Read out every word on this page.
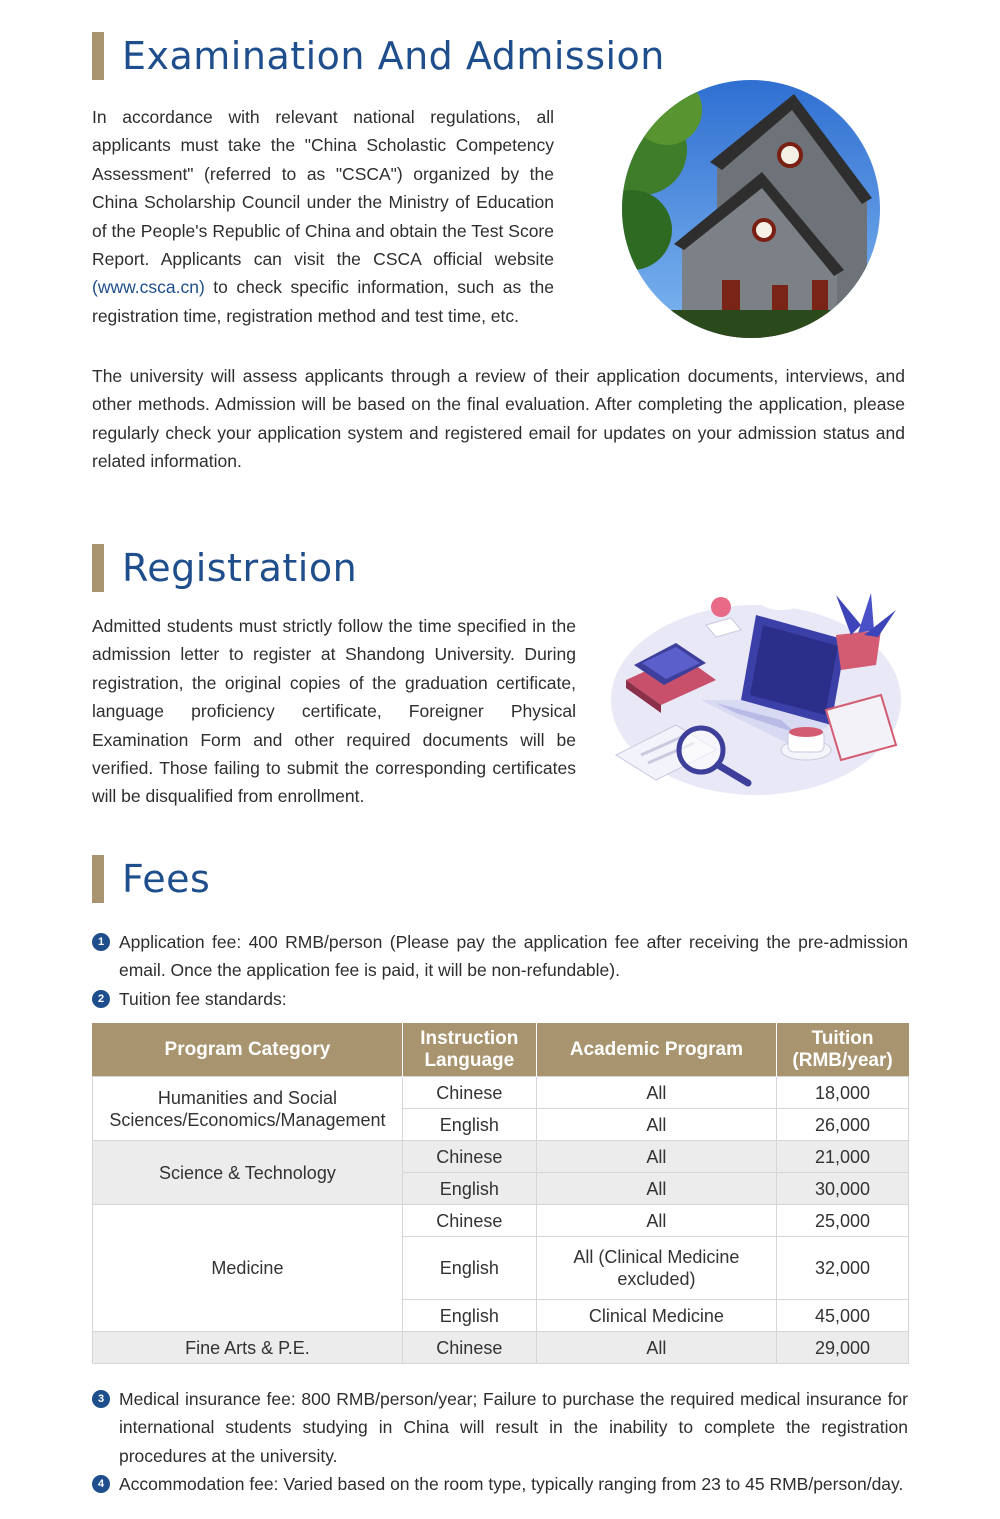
Examination And Admission

In accordance with relevant national regulations, all applicants must take the "China Scholastic Competency Assessment" (referred to as "CSCA") organized by the China Scholarship Council under the Ministry of Education of the People's Republic of China and obtain the Test Score Report. Applicants can visit the CSCA official website (www.csca.cn) to check specific information, such as the registration time, registration method and test time, etc.

The university will assess applicants through a review of their application documents, interviews, and other methods. Admission will be based on the final evaluation. After completing the application, please regularly check your application system and registered email for updates on your admission status and related information.

Registration

Admitted students must strictly follow the time specified in the admission letter to register at Shandong University. During registration, the original copies of the graduation certificate, language proficiency certificate, Foreigner Physical Examination Form and other required documents will be verified. Those failing to submit the corresponding certificates will be disqualified from enrollment.

Fees
1 Application fee: 400 RMB/person (Please pay the application fee after receiving the pre-admission email. Once the application fee is paid, it will be non-refundable).
2 Tuition fee standards:
Program Category	Instruction Language	Academic Program	Tuition (RMB/year)
Humanities and Social Sciences/Economics/Management	Chinese	All	18,000
	English	All	26,000
Science & Technology	Chinese	All	21,000
	English	All	30,000
Medicine	Chinese	All	25,000
	English	All (Clinical Medicine excluded)	32,000
	English	Clinical Medicine	45,000
Fine Arts & P.E.	Chinese	All	29,000
3 Medical insurance fee: 800 RMB/person/year; Failure to purchase the required medical insurance for international students studying in China will result in the inability to complete the registration procedures at the university.
4 Accommodation fee: Varied based on the room type, typically ranging from 23 to 45 RMB/person/day.
